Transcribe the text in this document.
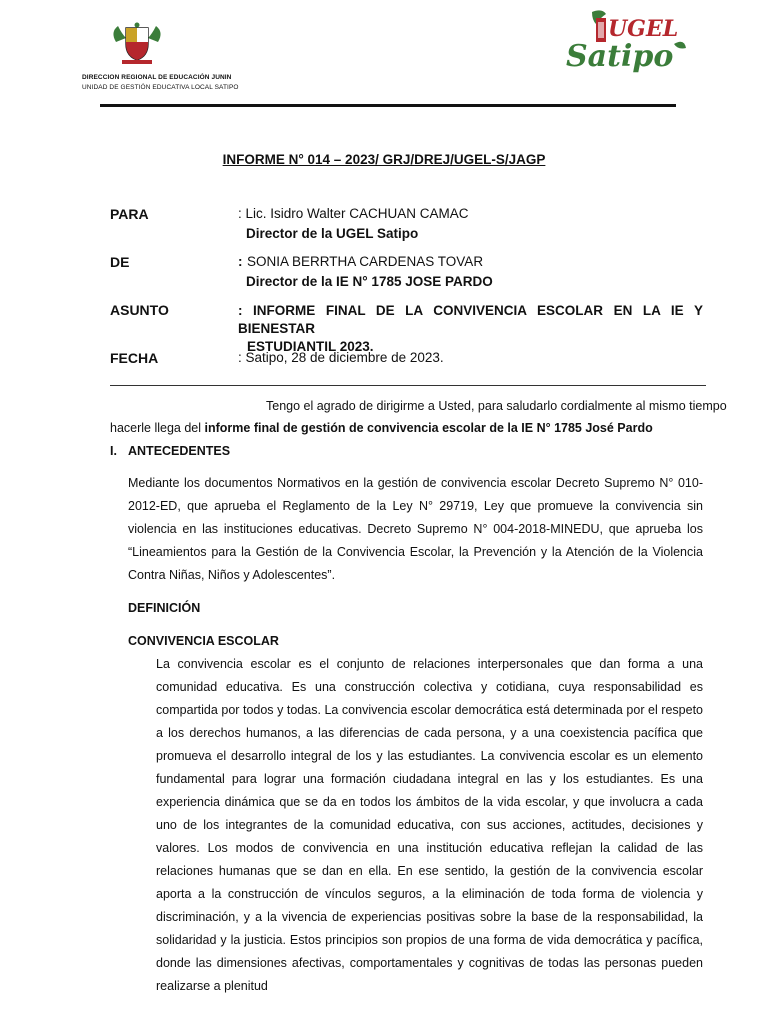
DIRECCION REGIONAL DE EDUCACIÓN JUNIN
UNIDAD DE GESTIÓN EDUCATIVA LOCAL SATIPO
UGEL
Satipo
INFORME N° 014 – 2023/ GRJ/DREJ/UGEL-S/JAGP
PARA	: Lic. Isidro Walter CACHUAN CAMAC
Director de la UGEL Satipo
DE	: SONIA BERRTHA CARDENAS TOVAR
Director de la IE N° 1785 JOSE PARDO
ASUNTO	: INFORME FINAL DE LA CONVIVENCIA ESCOLAR EN LA IE Y BIENESTAR
ESTUDIANTIL 2023.
FECHA	: Satipo, 28 de diciembre de 2023.
Tengo el agrado de dirigirme a Usted, para saludarlo cordialmente al mismo tiempo
hacerle llega del informe final de gestión de convivencia escolar de la IE N° 1785 José Pardo
I. ANTECEDENTES
Mediante los documentos Normativos en la gestión de convivencia escolar Decreto Supremo N° 010-2012-ED, que aprueba el Reglamento de la Ley N° 29719, Ley que promueve la convivencia sin violencia en las instituciones educativas. Decreto Supremo N° 004-2018-MINEDU, que aprueba los “Lineamientos para la Gestión de la Convivencia Escolar, la Prevención y la Atención de la Violencia Contra Niñas, Niños y Adolescentes”.
DEFINICIÓN
CONVIVENCIA ESCOLAR
La convivencia escolar es el conjunto de relaciones interpersonales que dan forma a una comunidad educativa. Es una construcción colectiva y cotidiana, cuya responsabilidad es compartida por todos y todas. La convivencia escolar democrática está determinada por el respeto a los derechos humanos, a las diferencias de cada persona, y a una coexistencia pacífica que promueva el desarrollo integral de los y las estudiantes. La convivencia escolar es un elemento fundamental para lograr una formación ciudadana integral en las y los estudiantes. Es una experiencia dinámica que se da en todos los ámbitos de la vida escolar, y que involucra a cada uno de los integrantes de la comunidad educativa, con sus acciones, actitudes, decisiones y valores. Los modos de convivencia en una institución educativa reflejan la calidad de las relaciones humanas que se dan en ella. En ese sentido, la gestión de la convivencia escolar aporta a la construcción de vínculos seguros, a la eliminación de toda forma de violencia y discriminación, y a la vivencia de experiencias positivas sobre la base de la responsabilidad, la solidaridad y la justicia. Estos principios son propios de una forma de vida democrática y pacífica, donde las dimensiones afectivas, comportamentales y cognitivas de todas las personas pueden realizarse a plenitud
